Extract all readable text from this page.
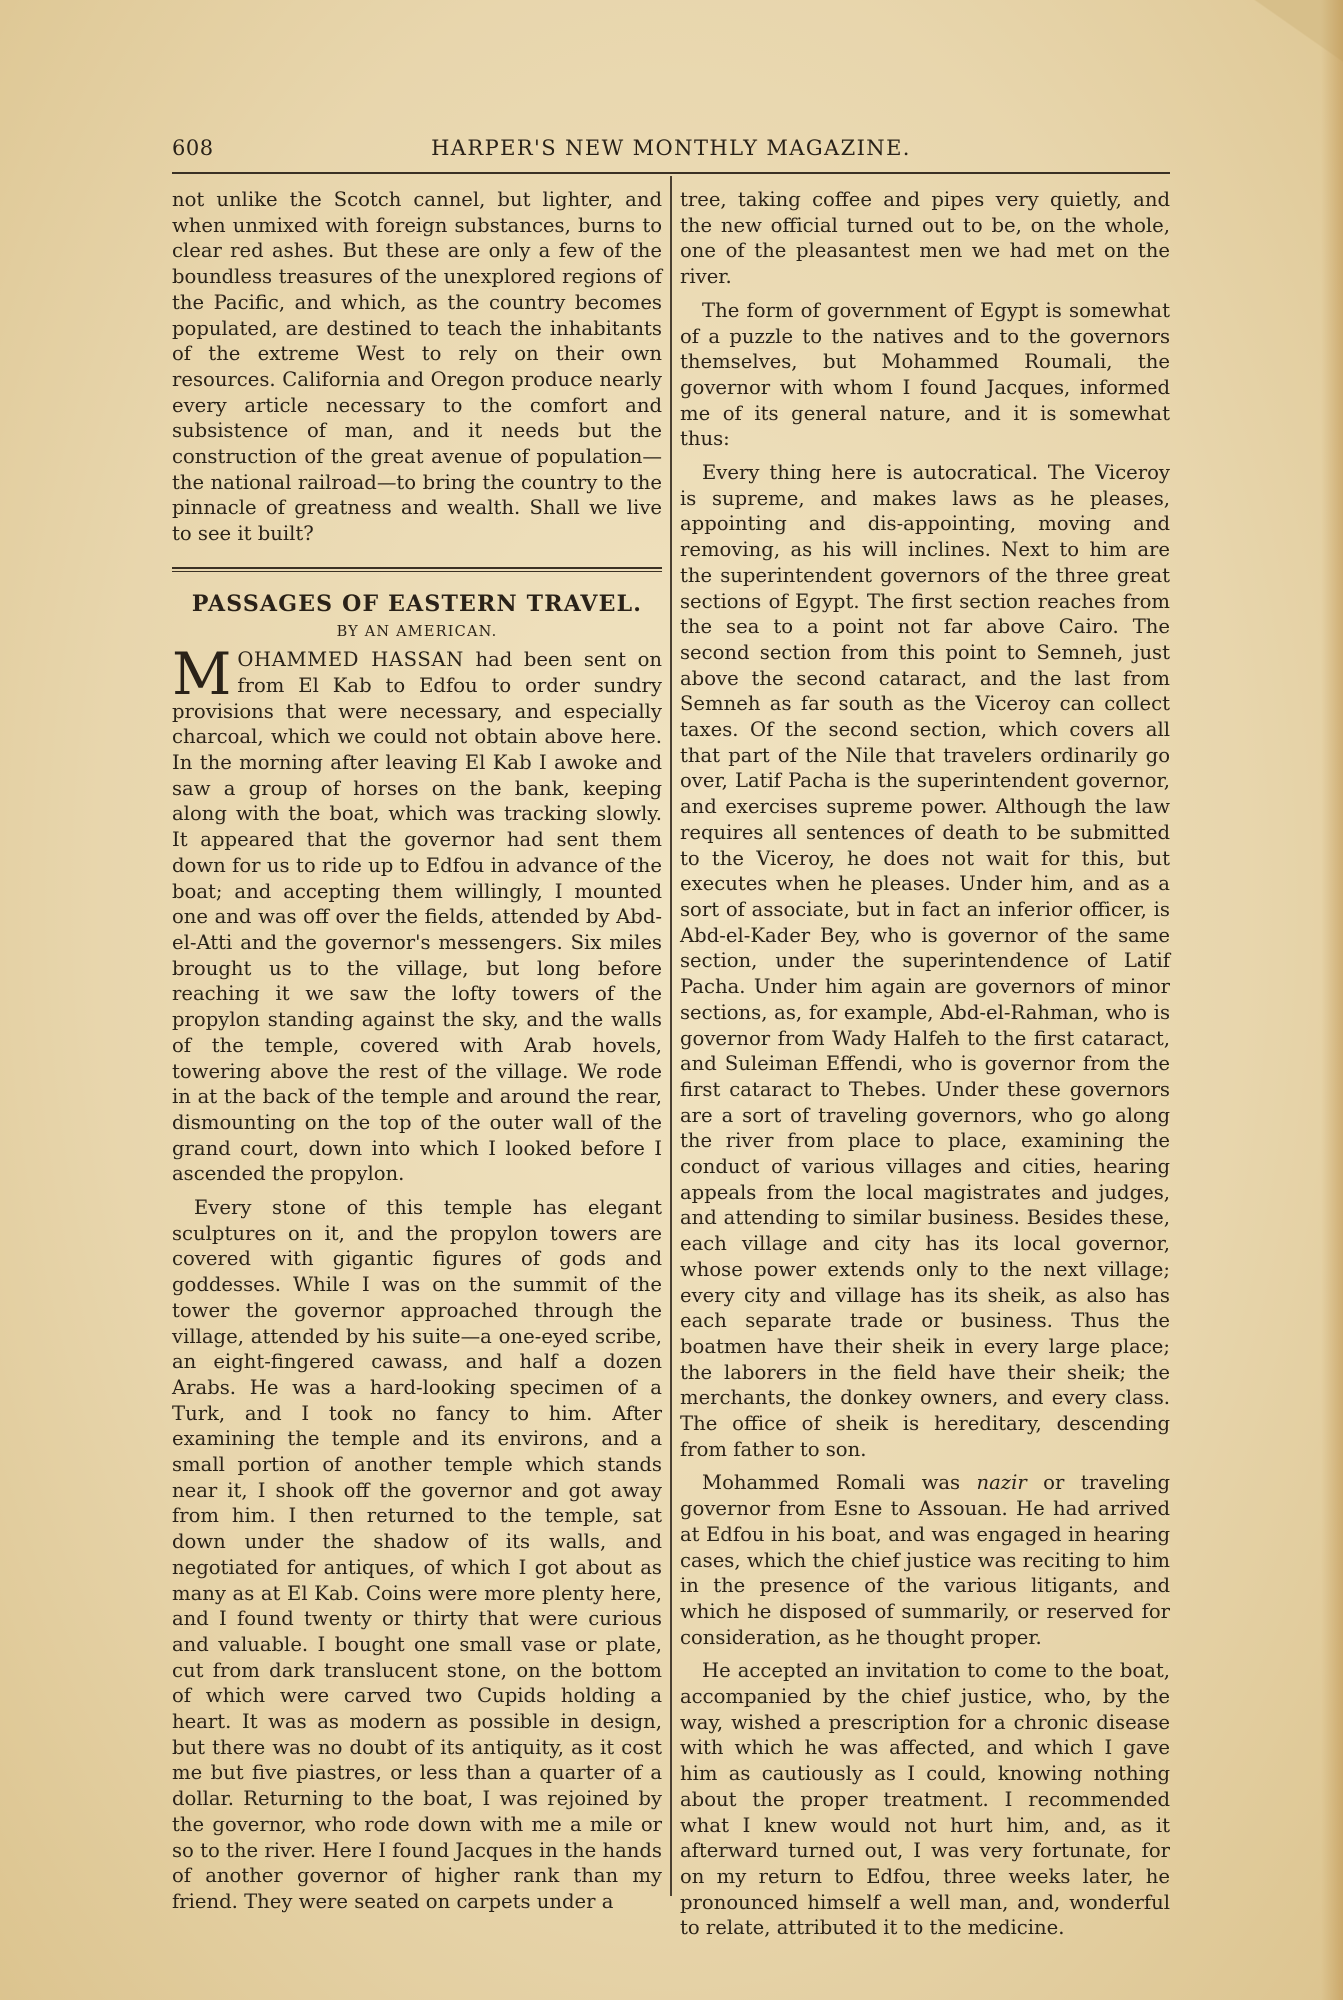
608	HARPER'S NEW MONTHLY MAGAZINE.

not unlike the Scotch cannel, but lighter, and when unmixed with foreign substances, burns to clear red ashes. But these are only a few of the boundless treasures of the unexplored regions of the Pacific, and which, as the country becomes populated, are destined to teach the inhabitants of the extreme West to rely on their own resources. California and Oregon produce nearly every article necessary to the comfort and subsistence of man, and it needs but the construction of the great avenue of population—the national railroad—to bring the country to the pinnacle of greatness and wealth. Shall we live to see it built?

PASSAGES OF EASTERN TRAVEL.
BY AN AMERICAN.

MOHAMMED HASSAN had been sent on from El Kab to Edfou to order sundry provisions that were necessary, and especially charcoal, which we could not obtain above here. In the morning after leaving El Kab I awoke and saw a group of horses on the bank, keeping along with the boat, which was tracking slowly. It appeared that the governor had sent them down for us to ride up to Edfou in advance of the boat; and accepting them willingly, I mounted one and was off over the fields, attended by Abd-el-Atti and the governor's messengers. Six miles brought us to the village, but long before reaching it we saw the lofty towers of the propylon standing against the sky, and the walls of the temple, covered with Arab hovels, towering above the rest of the village. We rode in at the back of the temple and around the rear, dismounting on the top of the outer wall of the grand court, down into which I looked before I ascended the propylon.

Every stone of this temple has elegant sculptures on it, and the propylon towers are covered with gigantic figures of gods and goddesses. While I was on the summit of the tower the governor approached through the village, attended by his suite—a one-eyed scribe, an eight-fingered cawass, and half a dozen Arabs. He was a hard-looking specimen of a Turk, and I took no fancy to him. After examining the temple and its environs, and a small portion of another temple which stands near it, I shook off the governor and got away from him. I then returned to the temple, sat down under the shadow of its walls, and negotiated for antiques, of which I got about as many as at El Kab. Coins were more plenty here, and I found twenty or thirty that were curious and valuable. I bought one small vase or plate, cut from dark translucent stone, on the bottom of which were carved two Cupids holding a heart. It was as modern as possible in design, but there was no doubt of its antiquity, as it cost me but five piastres, or less than a quarter of a dollar. Returning to the boat, I was rejoined by the governor, who rode down with me a mile or so to the river. Here I found Jacques in the hands of another governor of higher rank than my friend. They were seated on carpets under a

tree, taking coffee and pipes very quietly, and the new official turned out to be, on the whole, one of the pleasantest men we had met on the river.

The form of government of Egypt is somewhat of a puzzle to the natives and to the governors themselves, but Mohammed Roumali, the governor with whom I found Jacques, informed me of its general nature, and it is somewhat thus:

Every thing here is autocratical. The Viceroy is supreme, and makes laws as he pleases, appointing and dis-appointing, moving and removing, as his will inclines. Next to him are the superintendent governors of the three great sections of Egypt. The first section reaches from the sea to a point not far above Cairo. The second section from this point to Semneh, just above the second cataract, and the last from Semneh as far south as the Viceroy can collect taxes. Of the second section, which covers all that part of the Nile that travelers ordinarily go over, Latif Pacha is the superintendent governor, and exercises supreme power. Although the law requires all sentences of death to be submitted to the Viceroy, he does not wait for this, but executes when he pleases. Under him, and as a sort of associate, but in fact an inferior officer, is Abd-el-Kader Bey, who is governor of the same section, under the superintendence of Latif Pacha. Under him again are governors of minor sections, as, for example, Abd-el-Rahman, who is governor from Wady Halfeh to the first cataract, and Suleiman Effendi, who is governor from the first cataract to Thebes. Under these governors are a sort of traveling governors, who go along the river from place to place, examining the conduct of various villages and cities, hearing appeals from the local magistrates and judges, and attending to similar business. Besides these, each village and city has its local governor, whose power extends only to the next village; every city and village has its sheik, as also has each separate trade or business. Thus the boatmen have their sheik in every large place; the laborers in the field have their sheik; the merchants, the donkey owners, and every class. The office of sheik is hereditary, descending from father to son.

Mohammed Romali was nazir or traveling governor from Esne to Assouan. He had arrived at Edfou in his boat, and was engaged in hearing cases, which the chief justice was reciting to him in the presence of the various litigants, and which he disposed of summarily, or reserved for consideration, as he thought proper.

He accepted an invitation to come to the boat, accompanied by the chief justice, who, by the way, wished a prescription for a chronic disease with which he was affected, and which I gave him as cautiously as I could, knowing nothing about the proper treatment. I recommended what I knew would not hurt him, and, as it afterward turned out, I was very fortunate, for on my return to Edfou, three weeks later, he pronounced himself a well man, and, wonderful to relate, attributed it to the medicine.
